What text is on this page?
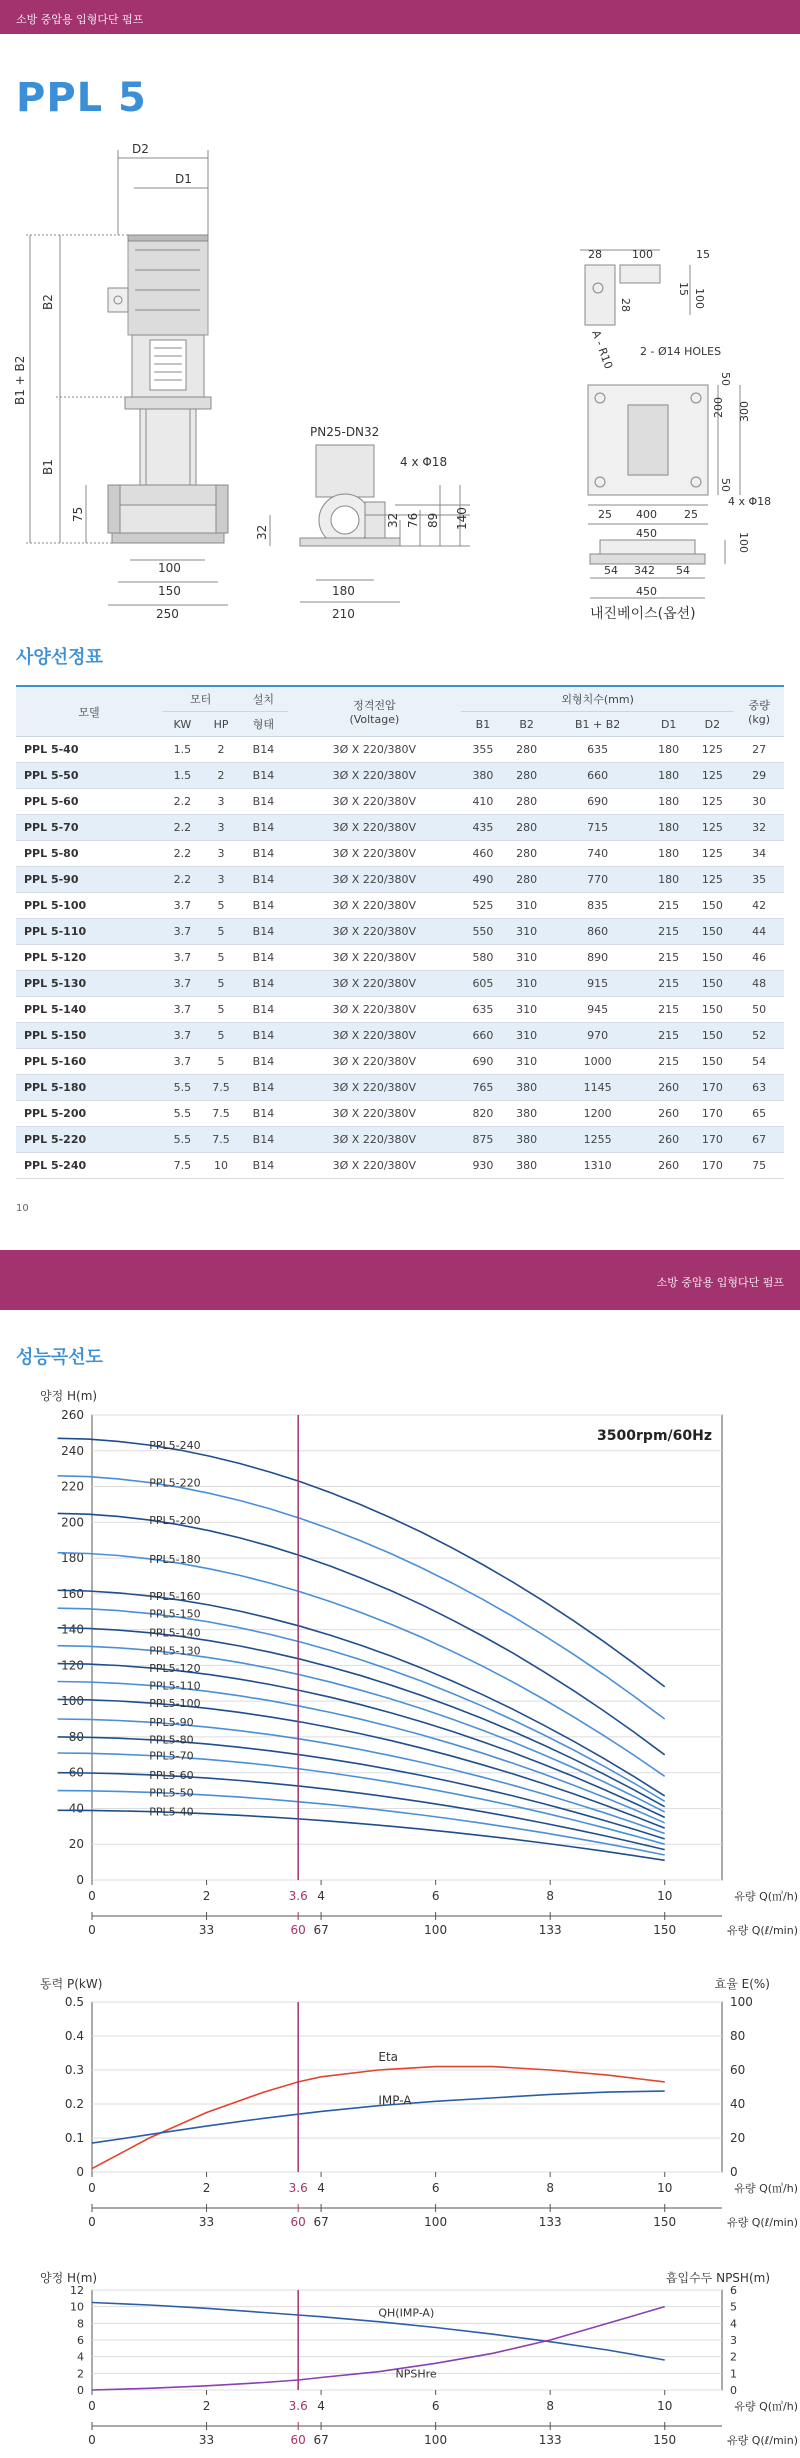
소방 중압용 입형다단 펌프
PPL 5
D2
D1
B2
B1 + B2
B1
75
100
150
250
PN25-DN32
4 x Φ18
32 76 89 140
32
180
210
28	100	15
15 100
28
A - R10 2 - Ø14 HOLES
50
200 300
50
25 400 25
450
4 x Φ18
100
54 342 54
450
내진베이스(옵션)
사양선정표
모델	모터		설치	정격전압
(Voltage)	외형치수(mm)					중량
(kg)
	KW	HP	형태		B1	B2	B1 + B2	D1	D2	
PPL 5-40	1.5	2	B14	3Ø X 220/380V	355	280	635	180	125	27
PPL 5-50	1.5	2	B14	3Ø X 220/380V	380	280	660	180	125	29
PPL 5-60	2.2	3	B14	3Ø X 220/380V	410	280	690	180	125	30
PPL 5-70	2.2	3	B14	3Ø X 220/380V	435	280	715	180	125	32
PPL 5-80	2.2	3	B14	3Ø X 220/380V	460	280	740	180	125	34
PPL 5-90	2.2	3	B14	3Ø X 220/380V	490	280	770	180	125	35
PPL 5-100	3.7	5	B14	3Ø X 220/380V	525	310	835	215	150	42
PPL 5-110	3.7	5	B14	3Ø X 220/380V	550	310	860	215	150	44
PPL 5-120	3.7	5	B14	3Ø X 220/380V	580	310	890	215	150	46
PPL 5-130	3.7	5	B14	3Ø X 220/380V	605	310	915	215	150	48
PPL 5-140	3.7	5	B14	3Ø X 220/380V	635	310	945	215	150	50
PPL 5-150	3.7	5	B14	3Ø X 220/380V	660	310	970	215	150	52
PPL 5-160	3.7	5	B14	3Ø X 220/380V	690	310	1000	215	150	54
PPL 5-180	5.5	7.5	B14	3Ø X 220/380V	765	380	1145	260	170	63
PPL 5-200	5.5	7.5	B14	3Ø X 220/380V	820	380	1200	260	170	65
PPL 5-220	5.5	7.5	B14	3Ø X 220/380V	875	380	1255	260	170	67
PPL 5-240	7.5	10	B14	3Ø X 220/380V	930	380	1310	260	170	75
10
소방 중압용 입형다단 펌프
성능곡선도
0
20
40
60
80
100
120
140
160
180
200
220
240
260
양정 H(m)
3500rpm/60Hz
PPL5-40
PPL5-50
PPL5-60
PPL5-70
PPL5-80
PPL5-90
PPL5-100
PPL5-110
PPL5-120
PPL5-130
PPL5-140
PPL5-150
PPL5-160
PPL5-180
PPL5-200
PPL5-220
PPL5-240
0	2	4	6	8	10
3.6	유량 Q(㎥/h)
0	33	67	100	133	150
60	유량 Q(ℓ/min)
0	0
0.1	20
0.2	40
0.3	60
0.4	80
0.5	100
동력 P(kW)	효율 E(%)
Eta
IMP-A
0	2	4	6	8	10
3.6	유량 Q(㎥/h)
0	33	67	100	133	150
60	유량 Q(ℓ/min)
0	0
2	1
4	2
6	3
8	4
10	5
12	6
양정 H(m)	흡입수두 NPSH(m)
QH(IMP-A)
NPSHre
0	2	4	6	8	10
3.6	유량 Q(㎥/h)
0	33	67	100	133	150
60	유량 Q(ℓ/min)
